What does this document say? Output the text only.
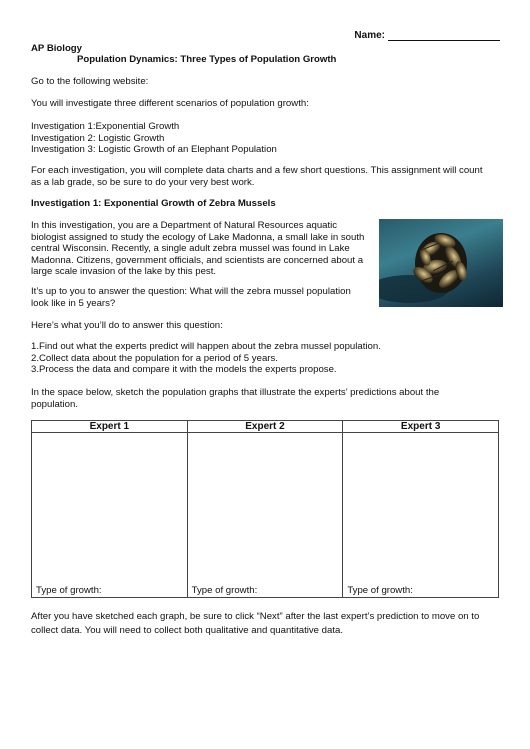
Name:

AP Biology

Population Dynamics: Three Types of Population Growth

Go to the following website:

You will investigate three different scenarios of population growth:

Investigation 1:Exponential Growth

Investigation 2: Logistic Growth

Investigation 3: Logistic Growth of an Elephant Population

For each investigation, you will complete data charts and a few short questions. This assignment will count

as a lab grade, so be sure to do your very best work.

Investigation 1: Exponential Growth of Zebra Mussels

In this investigation, you are a Department of Natural Resources aquatic

biologist assigned to study the ecology of Lake Madonna, a small lake in south

central Wisconsin. Recently, a single adult zebra mussel was found in Lake

Madonna. Citizens, government officials, and scientists are concerned about a

large scale invasion of the lake by this pest.

It’s up to you to answer the question: What will the zebra mussel population

look like in 5 years?

Here’s what you’ll do to answer this question:

1.Find out what the experts predict will happen about the zebra mussel population.

2.Collect data about the population for a period of 5 years.

3.Process the data and compare it with the models the experts propose.

In the space below, sketch the population graphs that illustrate the experts’ predictions about the

population.

Expert 1	Expert 2	Expert 3
Type of growth:	Type of growth:	Type of growth:

After you have sketched each graph, be sure to click “Next” after the last expert’s prediction to move on to

collect data. You will need to collect both qualitative and quantitative data.
